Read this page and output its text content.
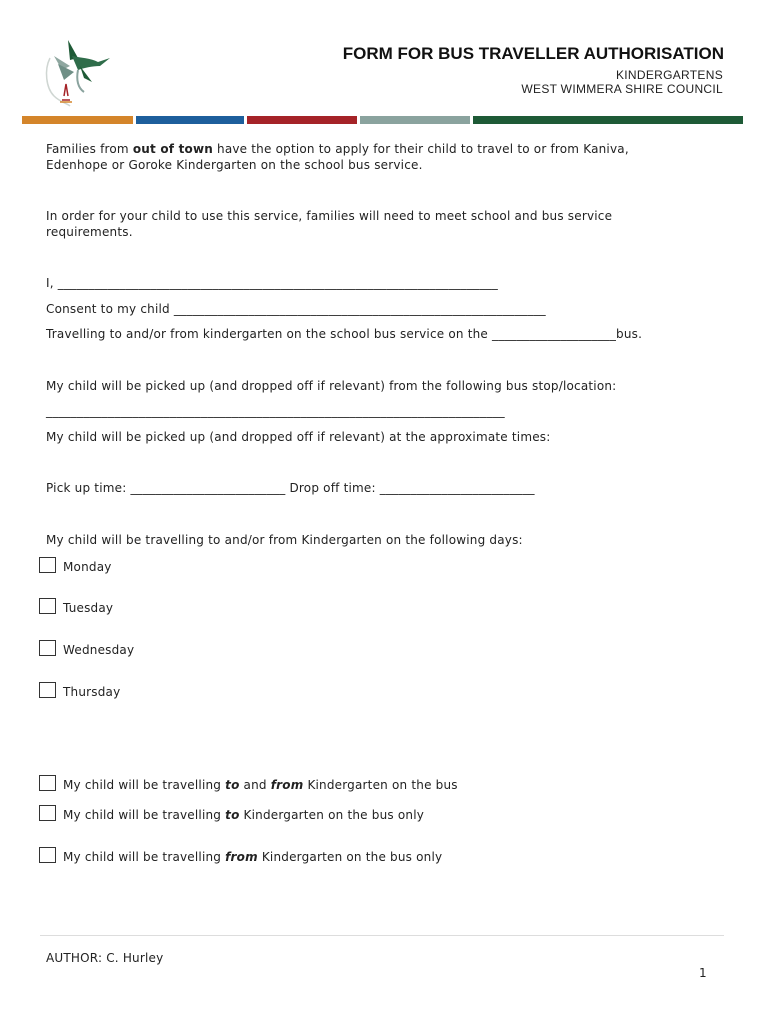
FORM FOR BUS TRAVELLER AUTHORISATION
KINDERGARTENS
WEST WIMMERA SHIRE COUNCIL
Families from out of town have the option to apply for their child to travel to or from Kaniva,
Edenhope or Goroke Kindergarten on the school bus service.
In order for your child to use this service, families will need to meet school and bus service
requirements.
I, _______________________________________________________________________
Consent to my child ____________________________________________________________
Travelling to and/or from kindergarten on the school bus service on the ____________________bus.
My child will be picked up (and dropped off if relevant) from the following bus stop/location:
__________________________________________________________________________
My child will be picked up (and dropped off if relevant) at the approximate times:
Pick up time: _________________________ Drop off time: _________________________
My child will be travelling to and/or from Kindergarten on the following days:
Monday
Tuesday
Wednesday
Thursday
My child will be travelling to and from Kindergarten on the bus
My child will be travelling to Kindergarten on the bus only
My child will be travelling from Kindergarten on the bus only
AUTHOR: C. Hurley
1
